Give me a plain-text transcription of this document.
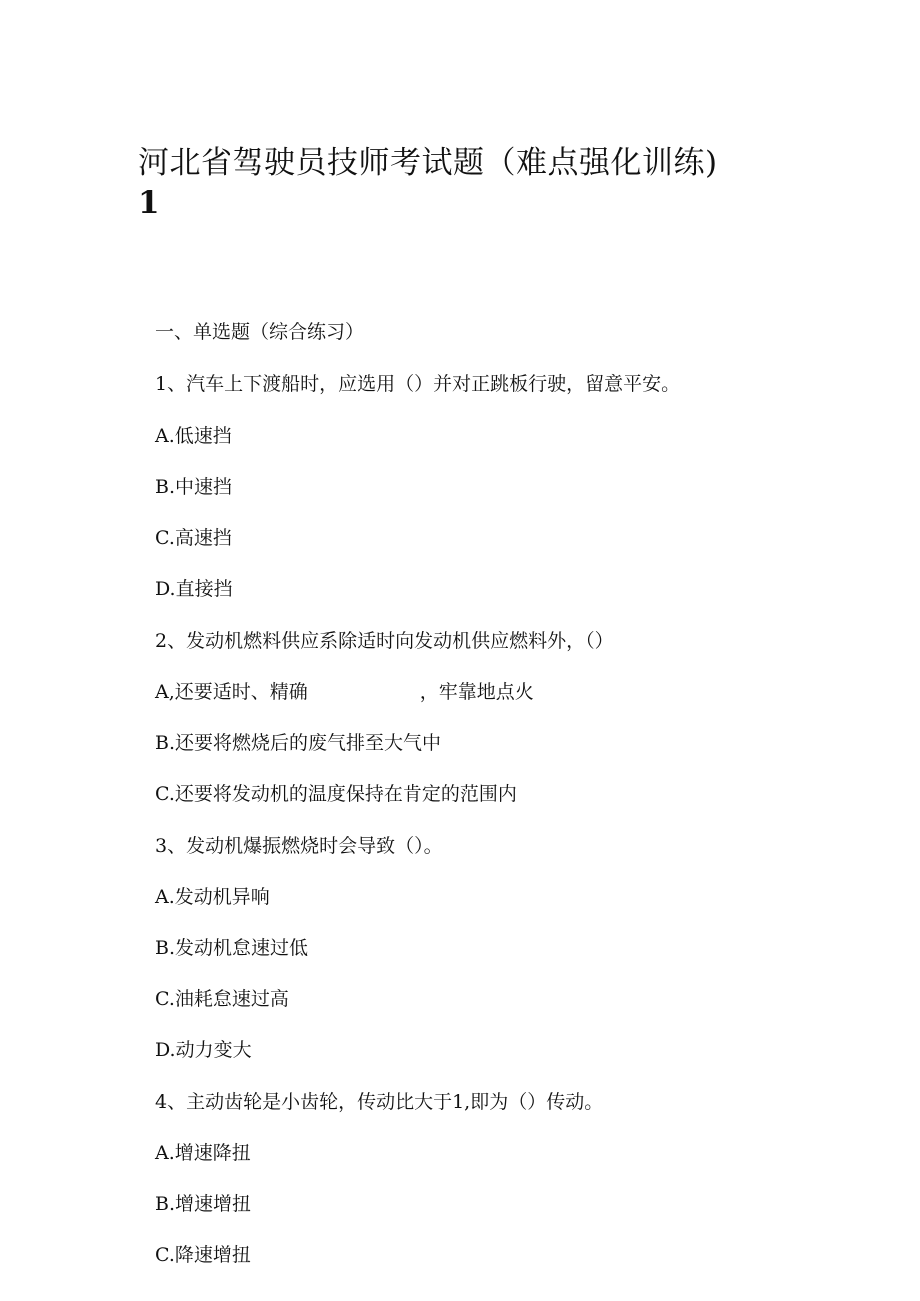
河北省驾驶员技师考试题（难点强化训练)
1

一、单选题（综合练习）

1、汽车上下渡船时，应选用（）并对正跳板行驶，留意平安。

A.低速挡

B.中速挡

C.高速挡

D.直接挡

2、发动机燃料供应系除适时向发动机供应燃料外，（）

A,还要适时、精确	，牢靠地点火

B.还要将燃烧后的废气排至大气中

C.还要将发动机的温度保持在肯定的范围内

3、发动机爆振燃烧时会导致（）。

A.发动机异响

B.发动机怠速过低

C.油耗怠速过高

D.动力变大

4、主动齿轮是小齿轮，传动比大于1,即为（）传动。

A.增速降扭

B.增速增扭

C.降速增扭
